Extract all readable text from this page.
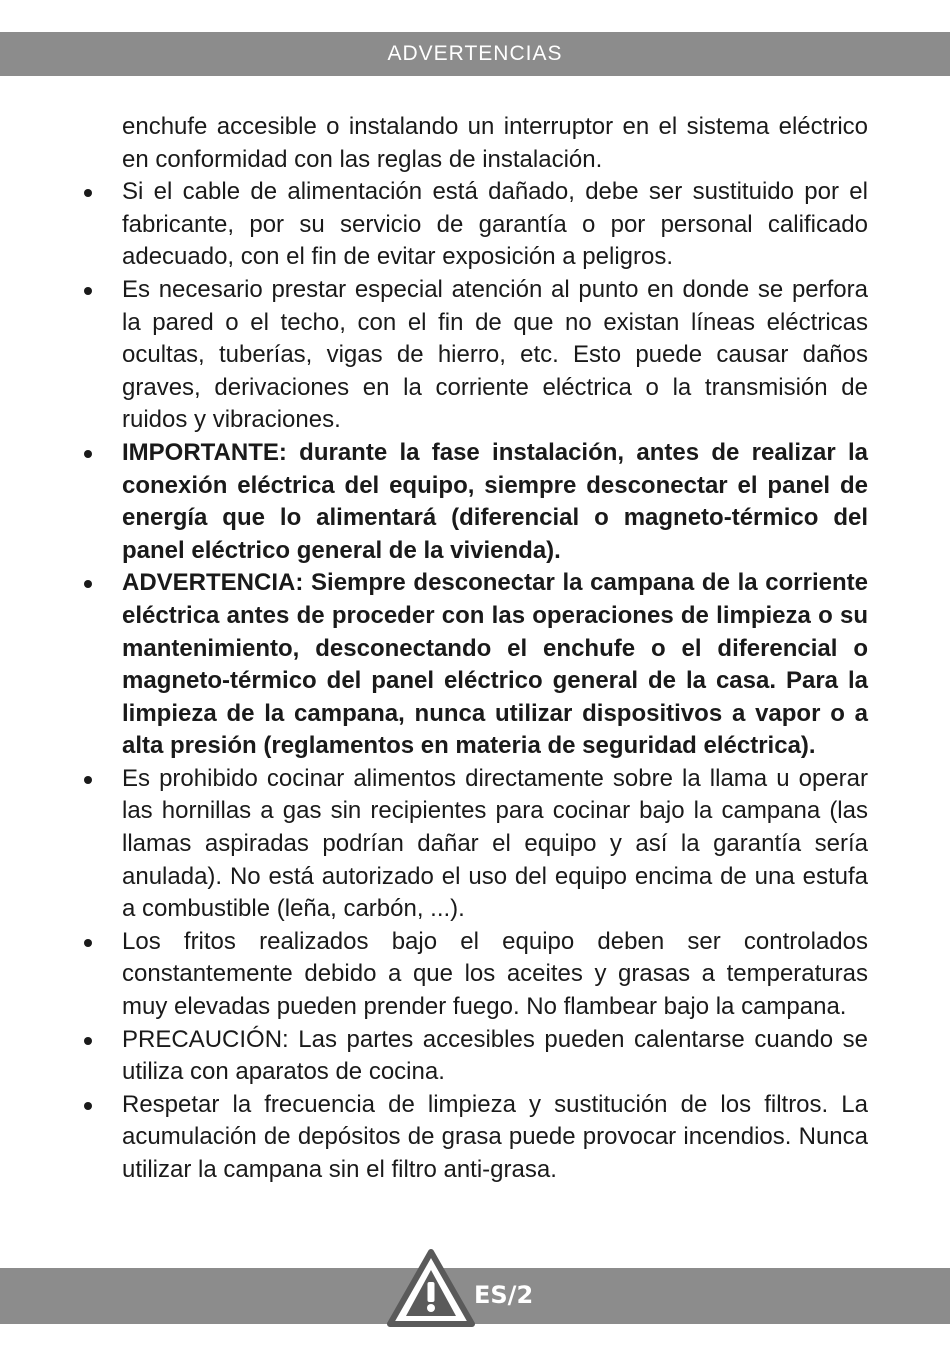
ADVERTENCIAS

enchufe accesible o instalando un interruptor en el sistema eléctrico en conformidad con las reglas de instalación.

Si el cable de alimentación está dañado, debe ser sustituido por el fabricante, por su servicio de garantía o por personal calificado adecuado, con el fin de evitar exposición a peligros.
Es necesario prestar especial atención al punto en donde se perfora la pared o el techo, con el fin de que no existan líneas eléctricas ocultas, tuberías, vigas de hierro, etc. Esto puede causar daños graves, derivaciones en la corriente eléctrica o la transmisión de ruidos y vibraciones.
IMPORTANTE: durante la fase instalación, antes de realizar la conexión eléctrica del equipo, siempre desconectar el panel de energía que lo alimentará (diferencial o magneto-térmico del panel eléctrico general de la vivienda).
ADVERTENCIA: Siempre desconectar la campana de la corriente eléctrica antes de proceder con las operaciones de limpieza o su mantenimiento, desconectando el enchufe o el diferencial o magneto-térmico del panel eléctrico general de la casa. Para la limpieza de la campana, nunca utilizar dispositivos a vapor o a alta presión (reglamentos en materia de seguridad eléctrica).
Es prohibido cocinar alimentos directamente sobre la llama u operar las hornillas a gas sin recipientes para cocinar bajo la campana (las llamas aspiradas podrían dañar el equipo y así la garantía sería anulada). No está autorizado el uso del equipo encima de una estufa a combustible (leña, carbón, ...).
Los fritos realizados bajo el equipo deben ser controlados constantemente debido a que los aceites y grasas a temperaturas muy elevadas pueden prender fuego. No flambear bajo la campana.
PRECAUCIÓN: Las partes accesibles pueden calentarse cuando se utiliza con aparatos de cocina.
Respetar la frecuencia de limpieza y sustitución de los filtros. La acumulación de depósitos de grasa puede provocar incendios. Nunca utilizar la campana sin el filtro anti-grasa.
ES/2
